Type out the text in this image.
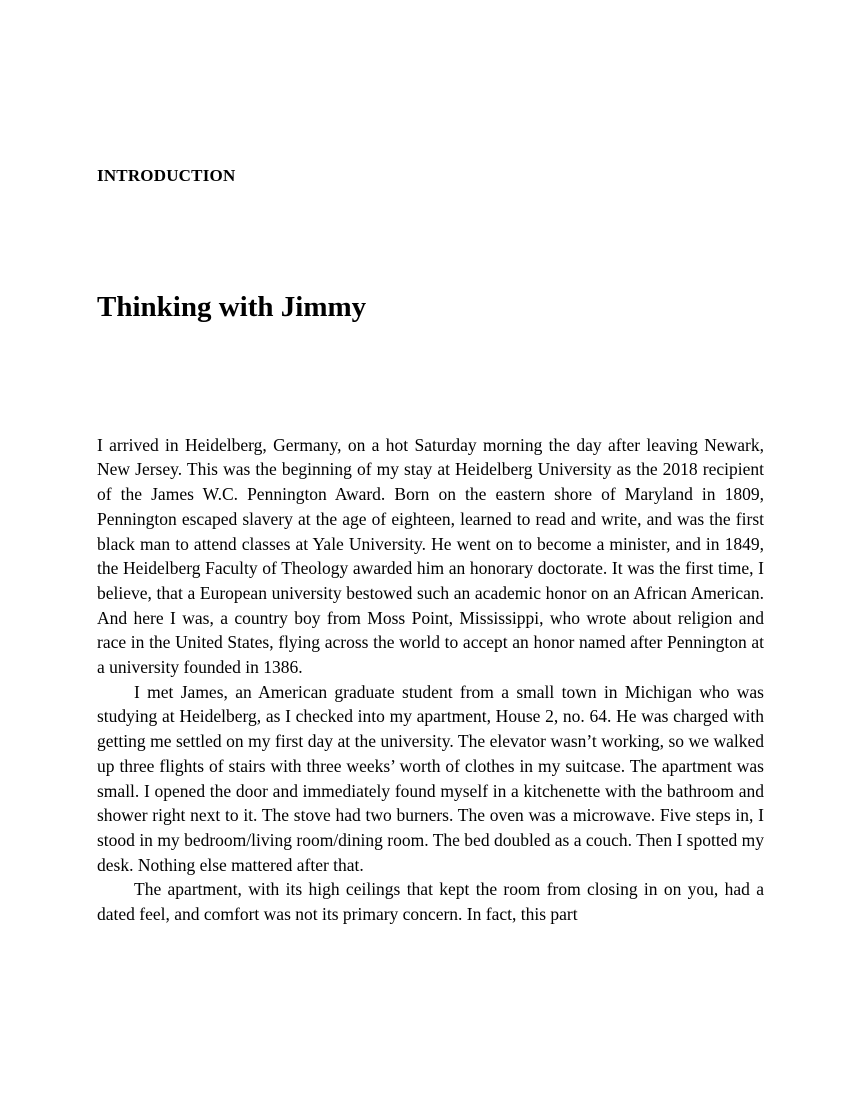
INTRODUCTION
Thinking with Jimmy

I arrived in Heidelberg, Germany, on a hot Saturday morning the day after leaving Newark, New Jersey. This was the beginning of my stay at Heidelberg University as the 2018 recipient of the James W.C. Pennington Award. Born on the eastern shore of Maryland in 1809, Pennington escaped slavery at the age of eighteen, learned to read and write, and was the first black man to attend classes at Yale University. He went on to become a minister, and in 1849, the Heidelberg Faculty of Theology awarded him an honorary doctorate. It was the first time, I believe, that a European university bestowed such an academic honor on an African American. And here I was, a country boy from Moss Point, Mississippi, who wrote about religion and race in the United States, flying across the world to accept an honor named after Pennington at a university founded in 1386.

I met James, an American graduate student from a small town in Michigan who was studying at Heidelberg, as I checked into my apartment, House 2, no. 64. He was charged with getting me settled on my first day at the university. The elevator wasn’t working, so we walked up three flights of stairs with three weeks’ worth of clothes in my suitcase. The apartment was small. I opened the door and immediately found myself in a kitchenette with the bathroom and shower right next to it. The stove had two burners. The oven was a microwave. Five steps in, I stood in my bedroom/living room/dining room. The bed doubled as a couch. Then I spotted my desk. Nothing else mattered after that.

The apartment, with its high ceilings that kept the room from closing in on you, had a dated feel, and comfort was not its primary concern. In fact, this part
